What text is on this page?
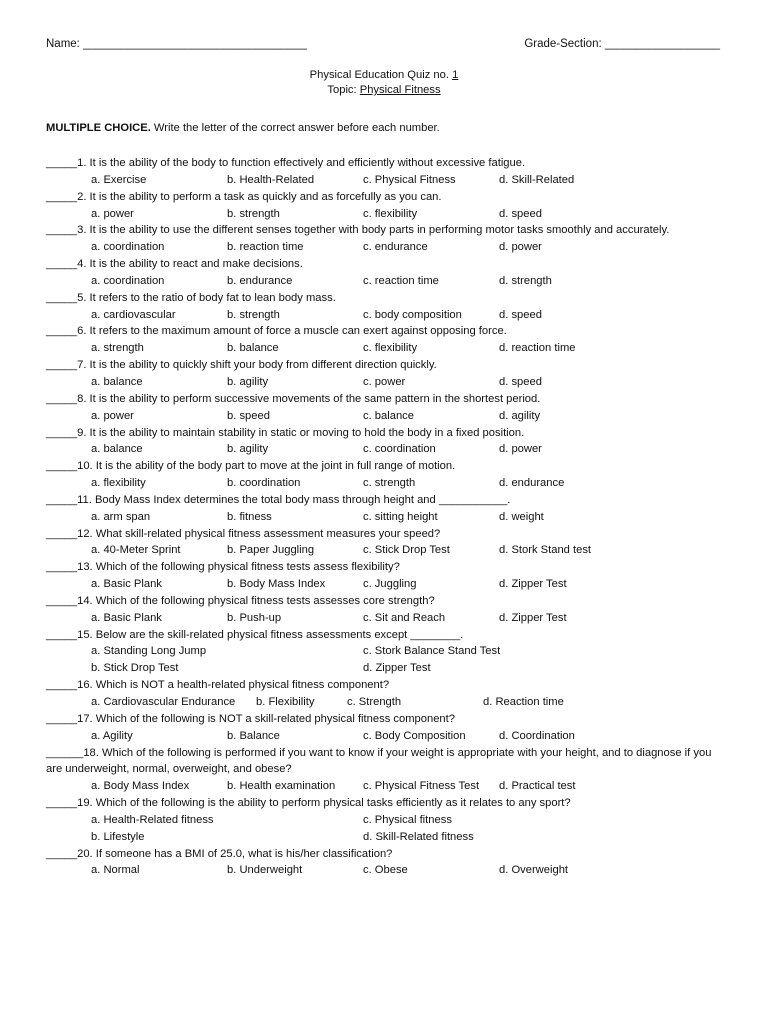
Name: ___________________________________	Grade-Section: __________________
Physical Education Quiz no. 1
Topic: Physical Fitness
MULTIPLE CHOICE. Write the letter of the correct answer before each number.
_____1. It is the ability of the body to function effectively and efficiently without excessive fatigue.
a. Exercise	b. Health-Related	c. Physical Fitness	d. Skill-Related
_____2. It is the ability to perform a task as quickly and as forcefully as you can.
a. power	b. strength	c. flexibility	d. speed
_____3. It is the ability to use the different senses together with body parts in performing motor tasks smoothly and accurately.
a. coordination	b. reaction time	c. endurance	d. power
_____4. It is the ability to react and make decisions.
a. coordination	b. endurance	c. reaction time	d. strength
_____5. It refers to the ratio of body fat to lean body mass.
a. cardiovascular	b. strength	c. body composition	d. speed
_____6. It refers to the maximum amount of force a muscle can exert against opposing force.
a. strength	b. balance	c. flexibility	d. reaction time
_____7. It is the ability to quickly shift your body from different direction quickly.
a. balance	b. agility	c. power	d. speed
_____8. It is the ability to perform successive movements of the same pattern in the shortest period.
a. power	b. speed	c. balance	d. agility
_____9. It is the ability to maintain stability in static or moving to hold the body in a fixed position.
a. balance	b. agility	c. coordination	d. power
_____10. It is the ability of the body part to move at the joint in full range of motion.
a. flexibility	b. coordination	c. strength	d. endurance
_____11. Body Mass Index determines the total body mass through height and ___________.
a. arm span	b. fitness	c. sitting height	d. weight
_____12. What skill-related physical fitness assessment measures your speed?
a. 40-Meter Sprint	b. Paper Juggling	c. Stick Drop Test	d. Stork Stand test
_____13. Which of the following physical fitness tests assess flexibility?
a. Basic Plank	b. Body Mass Index	c. Juggling	d. Zipper Test
_____14. Which of the following physical fitness tests assesses core strength?
a. Basic Plank	b. Push-up	c. Sit and Reach	d. Zipper Test
_____15. Below are the skill-related physical fitness assessments except ________.
a. Standing Long Jump	c. Stork Balance Stand Test
b. Stick Drop Test	d. Zipper Test
_____16. Which is NOT a health-related physical fitness component?
a. Cardiovascular Endurance	b. Flexibility	c. Strength	d. Reaction time
_____17. Which of the following is NOT a skill-related physical fitness component?
a. Agility	b. Balance	c. Body Composition	d. Coordination
______18. Which of the following is performed if you want to know if your weight is appropriate with your height, and to diagnose if you are underweight, normal, overweight, and obese?
a. Body Mass Index	b. Health examination	c. Physical Fitness Test	d. Practical test
_____19. Which of the following is the ability to perform physical tasks efficiently as it relates to any sport?
a. Health-Related fitness	c. Physical fitness
b. Lifestyle	d. Skill-Related fitness
_____20. If someone has a BMI of 25.0, what is his/her classification?
a. Normal	b. Underweight	c. Obese	d. Overweight
